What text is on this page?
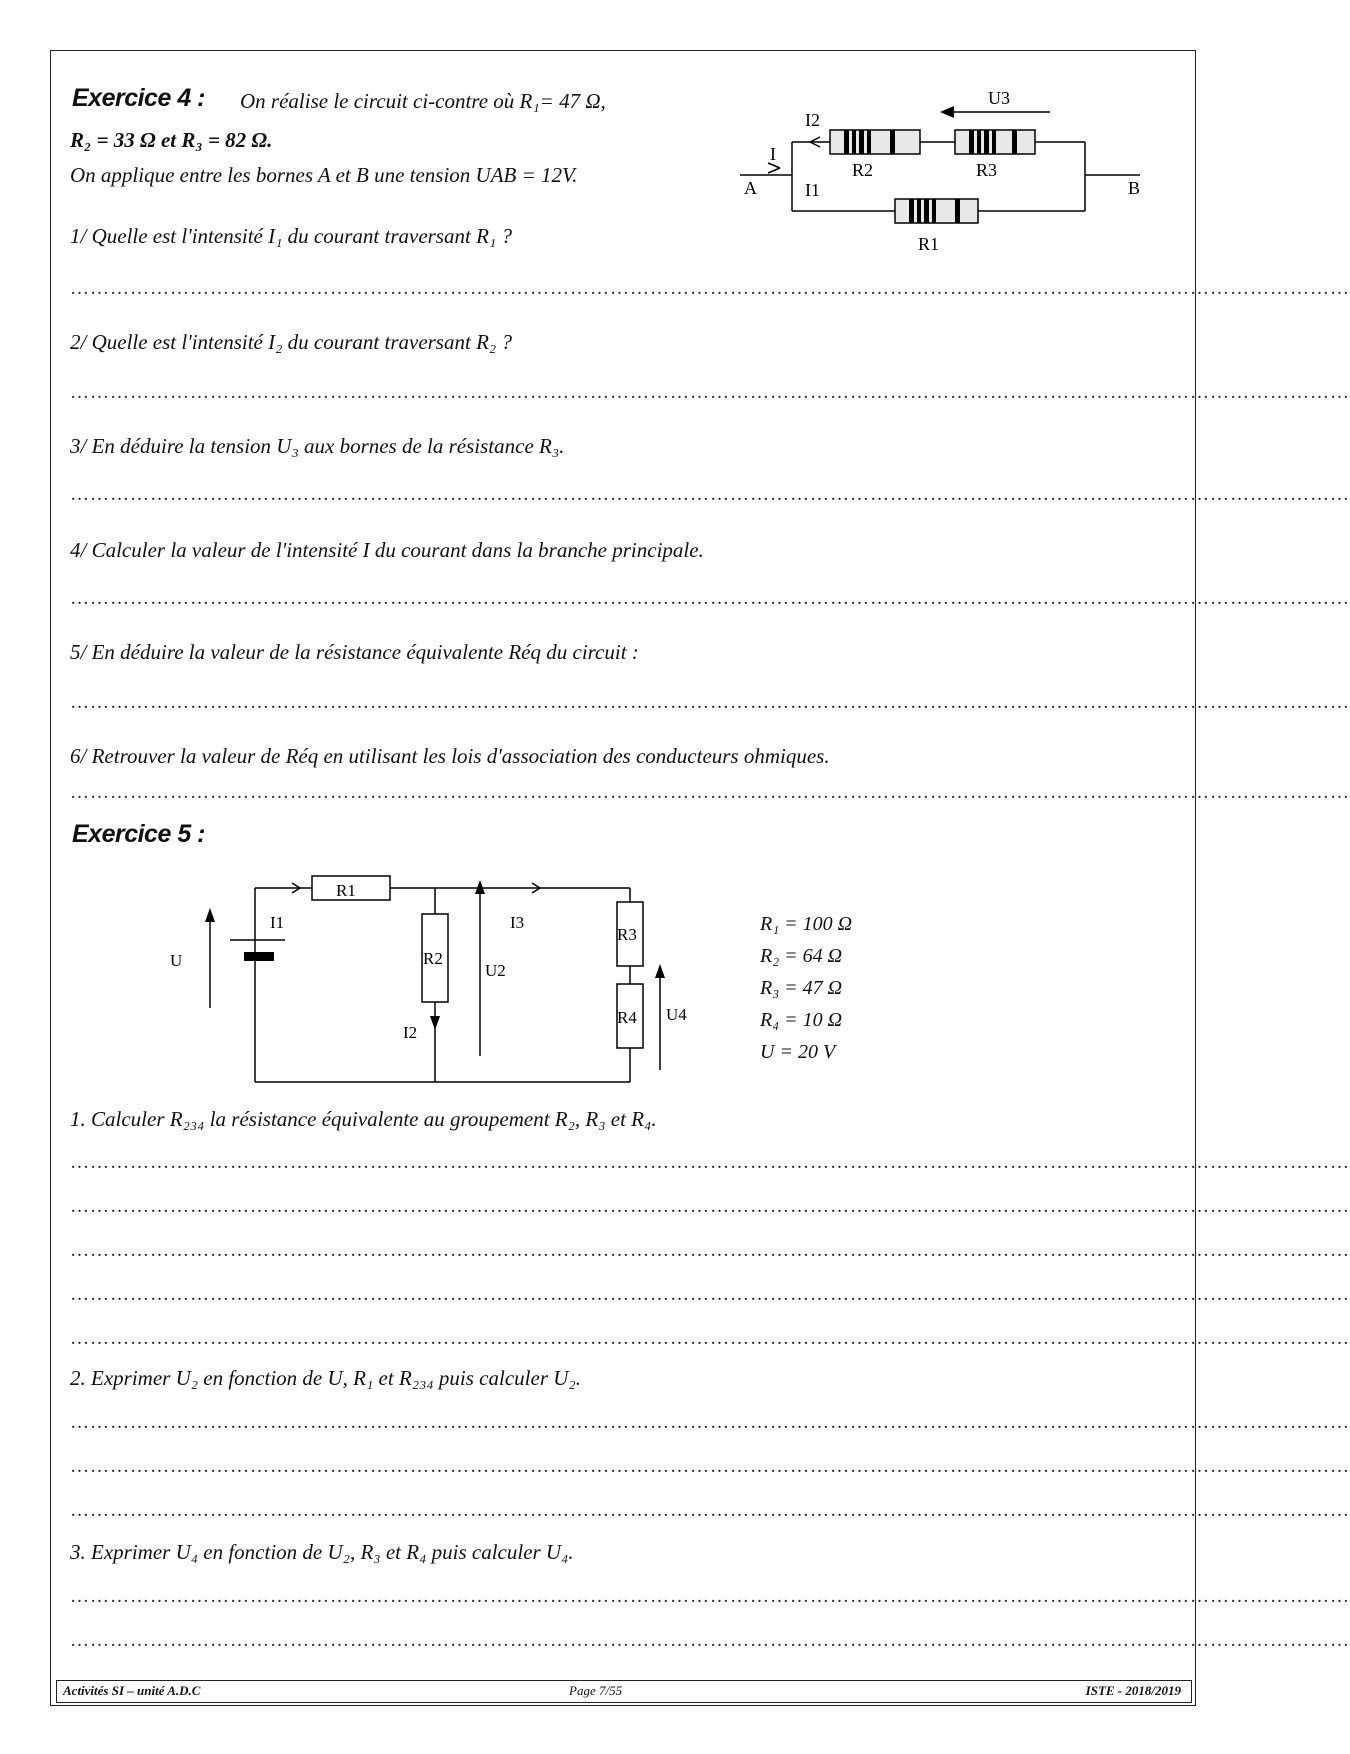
Exercice 4 : On réalise le circuit ci-contre où R₁= 47 Ω,
R₂ = 33 Ω et R₃ = 82 Ω.
On applique entre les bornes A et B une tension UAB = 12V.
U3
I
I2
I1
R2	R3
R1
A	B
1/ Quelle est l'intensité I₁ du courant traversant R₁ ?
…………………………………………………………………………………………………………………………………………………………………………
2/ Quelle est l'intensité I₂ du courant traversant R₂ ?
…………………………………………………………………………………………………………………………………………………………………………
3/ En déduire la tension U₃ aux bornes de la résistance R₃.
…………………………………………………………………………………………………………………………………………………………………………
4/ Calculer la valeur de l'intensité I du courant dans la branche principale.
…………………………………………………………………………………………………………………………………………………………………………
5/ En déduire la valeur de la résistance équivalente Réq du circuit :
…………………………………………………………………………………………………………………………………………………………………………
6/ Retrouver la valeur de Réq en utilisant les lois d'association des conducteurs ohmiques.
…………………………………………………………………………………………………………………………………………………………………………
Exercice 5 :
R1
R2
R3
R4
U
I1
I2
I3
U2
U4
R₁ = 100 Ω
R₂ = 64 Ω
R₃ = 47 Ω
R₄ = 10 Ω
U = 20 V
1. Calculer R₂₃₄ la résistance équivalente au groupement R₂, R₃ et R₄.
…………………………………………………………………………………………………………………………………………………………………………
…………………………………………………………………………………………………………………………………………………………………………
…………………………………………………………………………………………………………………………………………………………………………
…………………………………………………………………………………………………………………………………………………………………………
…………………………………………………………………………………………………………………………………………………………………………
2. Exprimer U₂ en fonction de U, R₁ et R₂₃₄ puis calculer U₂.
…………………………………………………………………………………………………………………………………………………………………………
…………………………………………………………………………………………………………………………………………………………………………
…………………………………………………………………………………………………………………………………………………………………………
3. Exprimer U₄ en fonction de U₂, R₃ et R₄ puis calculer U₄.
…………………………………………………………………………………………………………………………………………………………………………
…………………………………………………………………………………………………………………………………………………………………………
Activités SI – unité A.D.C	Page 7/55	ISTE - 2018/2019
